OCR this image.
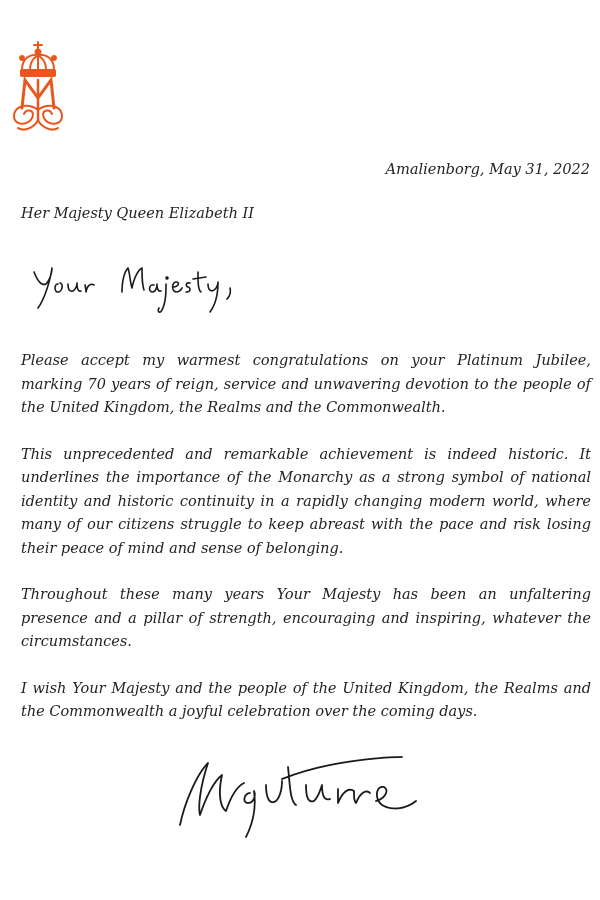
Amalienborg, May 31, 2022
Her Majesty Queen Elizabeth II

Please accept my warmest congratulations on your Platinum Jubilee, marking 70 years of reign, service and unwavering devotion to the people of the United Kingdom, the Realms and the Commonwealth.

This unprecedented and remarkable achievement is indeed historic. It underlines the importance of the Monarchy as a strong symbol of national identity and historic continuity in a rapidly changing modern world, where many of our citizens struggle to keep abreast with the pace and risk losing their peace of mind and sense of belonging.

Throughout these many years Your Majesty has been an unfaltering presence and a pillar of strength, encouraging and inspiring, whatever the circumstances.

I wish Your Majesty and the people of the United Kingdom, the Realms and the Commonwealth a joyful celebration over the coming days.
